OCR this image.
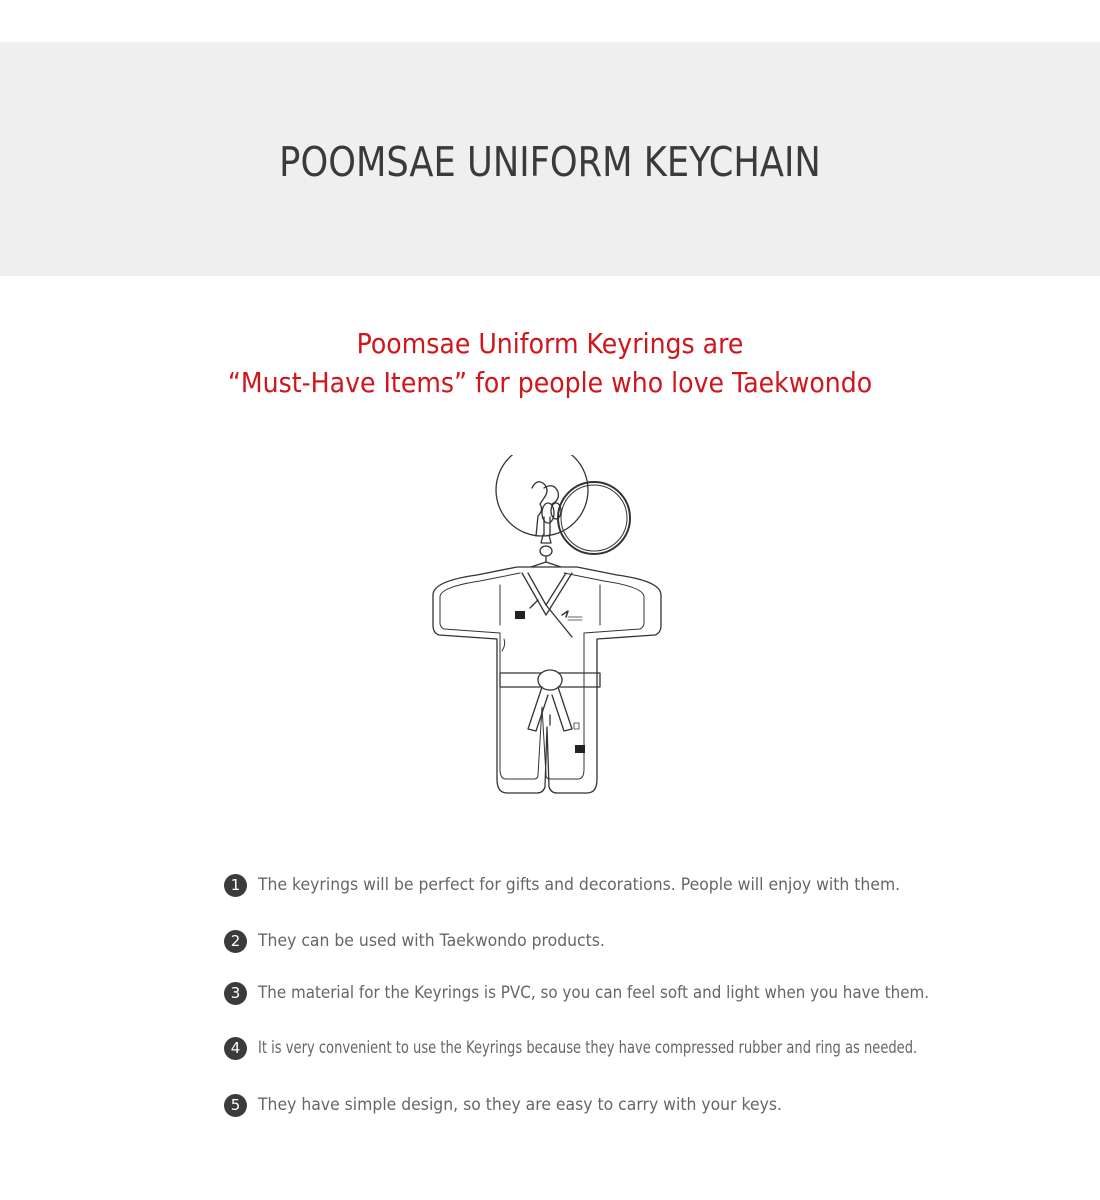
POOMSAE UNIFORM KEYCHAIN
Poomsae Uniform Keyrings are
“Must-Have Items” for people who love Taekwondo
1	The keyrings will be perfect for gifts and decorations. People will enjoy with them.
2	They can be used with Taekwondo products.
3	The material for the Keyrings is PVC, so you can feel soft and light when you have them.
4	It is very convenient to use the Keyrings because they have compressed rubber and ring as needed.
5	They have simple design, so they are easy to carry with your keys.
